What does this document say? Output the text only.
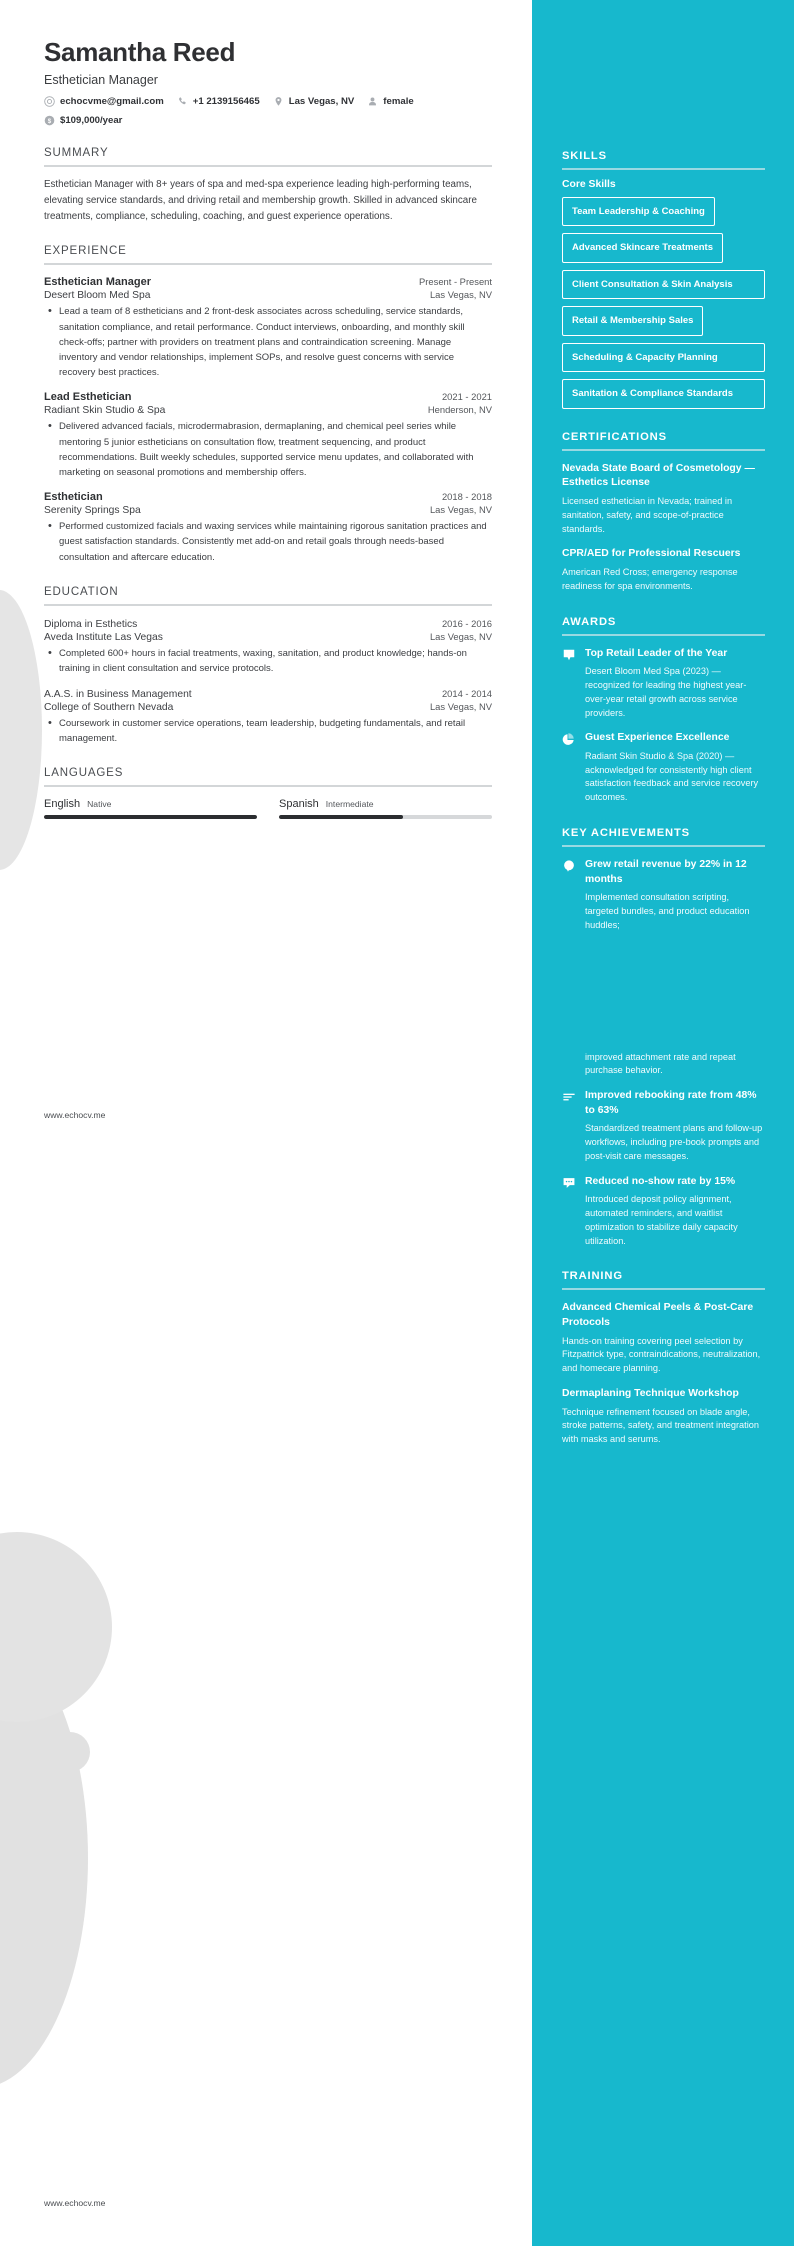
Samantha Reed
Esthetician Manager
echocvme@gmail.com	+1 2139156465	Las Vegas, NV	female
$ $109,000/year
SUMMARY
Esthetician Manager with 8+ years of spa and med-spa experience leading high-performing teams, elevating service standards, and driving retail and membership growth. Skilled in advanced skincare treatments, compliance, scheduling, coaching, and guest experience operations.
EXPERIENCE
Esthetician Manager	Present - Present
Desert Bloom Med Spa	Las Vegas, NV
• Lead a team of 8 estheticians and 2 front-desk associates across scheduling, service standards, sanitation compliance, and retail performance. Conduct interviews, onboarding, and monthly skill check-offs; partner with providers on treatment plans and contraindication screening. Manage inventory and vendor relationships, implement SOPs, and resolve guest concerns with service recovery best practices.
Lead Esthetician	2021 - 2021
Radiant Skin Studio & Spa	Henderson, NV
• Delivered advanced facials, microdermabrasion, dermaplaning, and chemical peel series while mentoring 5 junior estheticians on consultation flow, treatment sequencing, and product recommendations. Built weekly schedules, supported service menu updates, and collaborated with marketing on seasonal promotions and membership offers.
Esthetician	2018 - 2018
Serenity Springs Spa	Las Vegas, NV
• Performed customized facials and waxing services while maintaining rigorous sanitation practices and guest satisfaction standards. Consistently met add-on and retail goals through needs-based consultation and aftercare education.
EDUCATION
Diploma in Esthetics	2016 - 2016
Aveda Institute Las Vegas	Las Vegas, NV
• Completed 600+ hours in facial treatments, waxing, sanitation, and product knowledge; hands-on training in client consultation and service protocols.
A.A.S. in Business Management	2014 - 2014
College of Southern Nevada	Las Vegas, NV
• Coursework in customer service operations, team leadership, budgeting fundamentals, and retail management.
LANGUAGES
English Native	Spanish Intermediate
SKILLS
Core Skills
Team Leadership & Coaching
Advanced Skincare Treatments
Client Consultation & Skin Analysis
Retail & Membership Sales
Scheduling & Capacity Planning
Sanitation & Compliance Standards
CERTIFICATIONS
Nevada State Board of Cosmetology — Esthetics License
Licensed esthetician in Nevada; trained in sanitation, safety, and scope-of-practice standards.
CPR/AED for Professional Rescuers
American Red Cross; emergency response readiness for spa environments.
AWARDS
Top Retail Leader of the Year
Desert Bloom Med Spa (2023) — recognized for leading the highest year-over-year retail growth across service providers.
Guest Experience Excellence
Radiant Skin Studio & Spa (2020) — acknowledged for consistently high client satisfaction feedback and service recovery outcomes.
KEY ACHIEVEMENTS
Grew retail revenue by 22% in 12 months
Implemented consultation scripting, targeted bundles, and product education huddles;
improved attachment rate and repeat purchase behavior.
Improved rebooking rate from 48% to 63%
Standardized treatment plans and follow-up workflows, including pre-book prompts and post-visit care messages.
Reduced no-show rate by 15%
Introduced deposit policy alignment, automated reminders, and waitlist optimization to stabilize daily capacity utilization.
TRAINING
Advanced Chemical Peels & Post-Care Protocols
Hands-on training covering peel selection by Fitzpatrick type, contraindications, neutralization, and homecare planning.
Dermaplaning Technique Workshop
Technique refinement focused on blade angle, stroke patterns, safety, and treatment integration with masks and serums.
www.echocv.me
www.echocv.me
